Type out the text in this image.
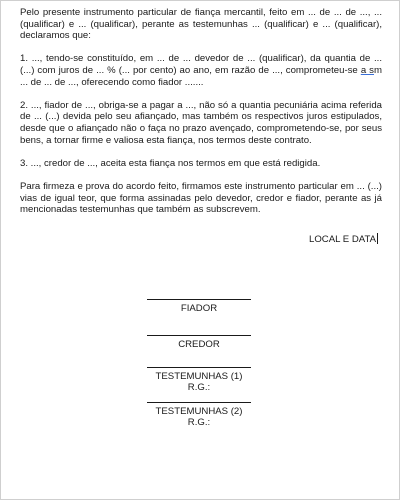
Pelo presente instrumento particular de fiança mercantil, feito em ... de ... de ..., ... (qualificar) e ... (qualificar), perante as testemunhas ... (qualificar) e ... (qualificar), declaramos que:

1. ..., tendo-se constituído, em ... de ... devedor de ... (qualificar), da quantia de ... (...) com juros de ... % (... por cento) ao ano, em razão de ..., comprometeu-se a sm ... de ... de ..., oferecendo como fiador .......

2. ..., fiador de ..., obriga-se a pagar a ..., não só a quantia pecuniária acima referida de ... (...) devida pelo seu afiançado, mas também os respectivos juros estipulados, desde que o afiançado não o faça no prazo avençado, comprometendo-se, por seus bens, a tornar firme e valiosa esta fiança, nos termos deste contrato.

3. ..., credor de ..., aceita esta fiança nos termos em que está redigida.

Para firmeza e prova do acordo feito, firmamos este instrumento particular em ... (...) vias de igual teor, que forma assinadas pelo devedor, credor e fiador, perante as já mencionadas testemunhas que também as subscrevem.

LOCAL E DATA
FIADOR
CREDOR
TESTEMUNHAS (1)
R.G.:
TESTEMUNHAS (2)
R.G.:
